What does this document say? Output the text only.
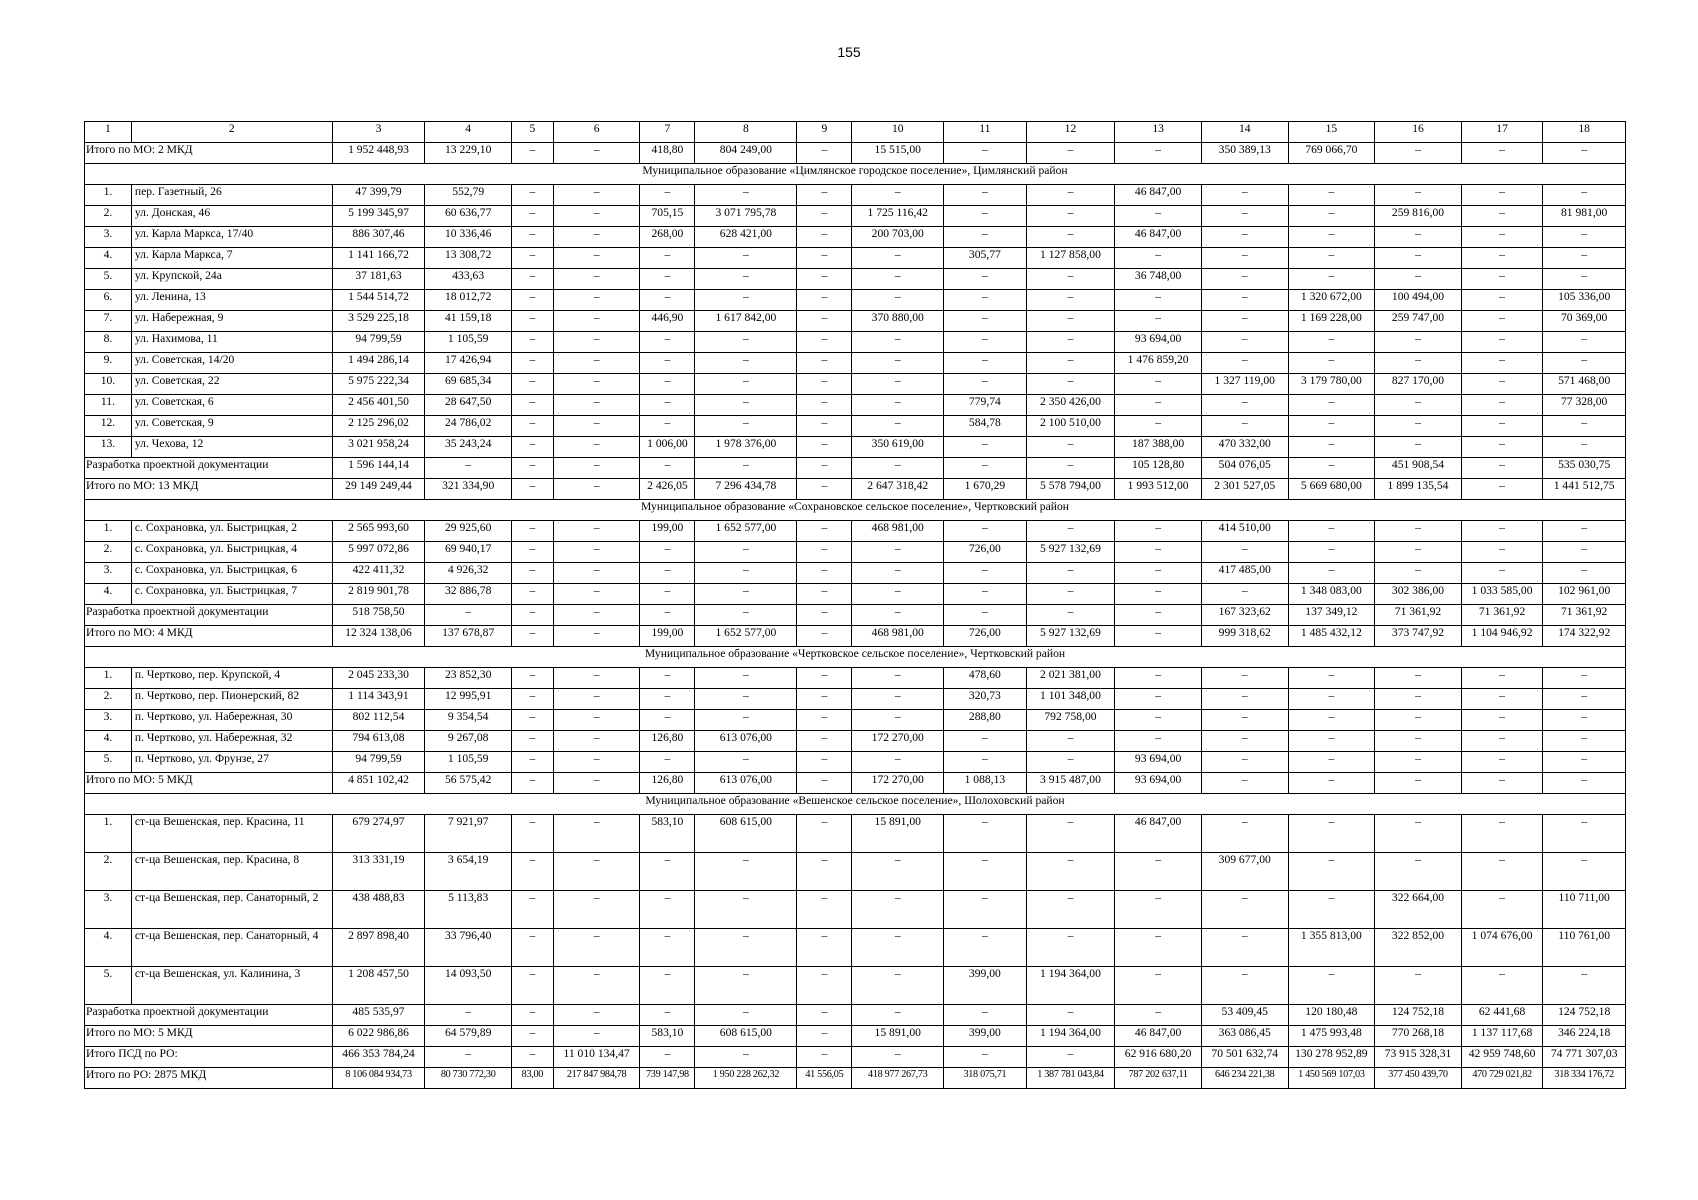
155
1	2	3	4	5	6	7	8	9	10	11	12	13	14	15	16	17	18
Итого по МО: 2 МКД		1 952 448,93	13 229,10	–	–	418,80	804 249,00	–	15 515,00	–	–	–	350 389,13	769 066,70	–	–	–
Муниципальное образование «Цимлянское городское поселение», Цимлянский район																	
1.	пер. Газетный, 26	47 399,79	552,79	–	–	–	–	–	–	–	–	46 847,00	–	–	–	–	–
2.	ул. Донская, 46	5 199 345,97	60 636,77	–	–	705,15	3 071 795,78	–	1 725 116,42	–	–	–	–	–	259 816,00	–	81 981,00
3.	ул. Карла Маркса, 17/40	886 307,46	10 336,46	–	–	268,00	628 421,00	–	200 703,00	–	–	46 847,00	–	–	–	–	–
4.	ул. Карла Маркса, 7	1 141 166,72	13 308,72	–	–	–	–	–	–	305,77	1 127 858,00	–	–	–	–	–	–
5.	ул. Крупской, 24а	37 181,63	433,63	–	–	–	–	–	–	–	–	36 748,00	–	–	–	–	–
6.	ул. Ленина, 13	1 544 514,72	18 012,72	–	–	–	–	–	–	–	–	–	–	1 320 672,00	100 494,00	–	105 336,00
7.	ул. Набережная, 9	3 529 225,18	41 159,18	–	–	446,90	1 617 842,00	–	370 880,00	–	–	–	–	1 169 228,00	259 747,00	–	70 369,00
8.	ул. Нахимова, 11	94 799,59	1 105,59	–	–	–	–	–	–	–	–	93 694,00	–	–	–	–	–
9.	ул. Советская, 14/20	1 494 286,14	17 426,94	–	–	–	–	–	–	–	–	1 476 859,20	–	–	–	–	–
10.	ул. Советская, 22	5 975 222,34	69 685,34	–	–	–	–	–	–	–	–	–	1 327 119,00	3 179 780,00	827 170,00	–	571 468,00
11.	ул. Советская, 6	2 456 401,50	28 647,50	–	–	–	–	–	–	779,74	2 350 426,00	–	–	–	–	–	77 328,00
12.	ул. Советская, 9	2 125 296,02	24 786,02	–	–	–	–	–	–	584,78	2 100 510,00	–	–	–	–	–	–
13.	ул. Чехова, 12	3 021 958,24	35 243,24	–	–	1 006,00	1 978 376,00	–	350 619,00	–	–	187 388,00	470 332,00	–	–	–	–
Разработка проектной документации		1 596 144,14	–	–	–	–	–	–	–	–	–	105 128,80	504 076,05	–	451 908,54	–	535 030,75
Итого по МО: 13 МКД		29 149 249,44	321 334,90	–	–	2 426,05	7 296 434,78	–	2 647 318,42	1 670,29	5 578 794,00	1 993 512,00	2 301 527,05	5 669 680,00	1 899 135,54	–	1 441 512,75
Муниципальное образование «Сохрановское сельское поселение», Чертковский район																	
1.	с. Сохрановка, ул. Быстрицкая, 2	2 565 993,60	29 925,60	–	–	199,00	1 652 577,00	–	468 981,00	–	–	–	414 510,00	–	–	–	–
2.	с. Сохрановка, ул. Быстрицкая, 4	5 997 072,86	69 940,17	–	–	–	–	–	–	726,00	5 927 132,69	–	–	–	–	–	–
3.	с. Сохрановка, ул. Быстрицкая, 6	422 411,32	4 926,32	–	–	–	–	–	–	–	–	–	417 485,00	–	–	–	–
4.	с. Сохрановка, ул. Быстрицкая, 7	2 819 901,78	32 886,78	–	–	–	–	–	–	–	–	–	–	1 348 083,00	302 386,00	1 033 585,00	102 961,00
Разработка проектной документации		518 758,50	–	–	–	–	–	–	–	–	–	–	167 323,62	137 349,12	71 361,92	71 361,92	71 361,92
Итого по МО: 4 МКД		12 324 138,06	137 678,87	–	–	199,00	1 652 577,00	–	468 981,00	726,00	5 927 132,69	–	999 318,62	1 485 432,12	373 747,92	1 104 946,92	174 322,92
Муниципальное образование «Чертковское сельское поселение», Чертковский район																	
1.	п. Чертково, пер. Крупской, 4	2 045 233,30	23 852,30	–	–	–	–	–	–	478,60	2 021 381,00	–	–	–	–	–	–
2.	п. Чертково, пер. Пионерский, 82	1 114 343,91	12 995,91	–	–	–	–	–	–	320,73	1 101 348,00	–	–	–	–	–	–
3.	п. Чертково, ул. Набережная, 30	802 112,54	9 354,54	–	–	–	–	–	–	288,80	792 758,00	–	–	–	–	–	–
4.	п. Чертково, ул. Набережная, 32	794 613,08	9 267,08	–	–	126,80	613 076,00	–	172 270,00	–	–	–	–	–	–	–	–
5.	п. Чертково, ул. Фрунзе, 27	94 799,59	1 105,59	–	–	–	–	–	–	–	–	93 694,00	–	–	–	–	–
Итого по МО: 5 МКД		4 851 102,42	56 575,42	–	–	126,80	613 076,00	–	172 270,00	1 088,13	3 915 487,00	93 694,00	–	–	–	–	–
Муниципальное образование «Вешенское сельское поселение», Шолоховский район																	
1.	ст-ца Вешенская, пер. Красина, 11	679 274,97	7 921,97	–	–	583,10	608 615,00	–	15 891,00	–	–	46 847,00	–	–	–	–	–
2.	ст-ца Вешенская, пер. Красина, 8	313 331,19	3 654,19	–	–	–	–	–	–	–	–	–	309 677,00	–	–	–	–
3.	ст-ца Вешенская, пер. Санаторный, 2	438 488,83	5 113,83	–	–	–	–	–	–	–	–	–	–	–	322 664,00	–	110 711,00
4.	ст-ца Вешенская, пер. Санаторный, 4	2 897 898,40	33 796,40	–	–	–	–	–	–	–	–	–	–	1 355 813,00	322 852,00	1 074 676,00	110 761,00
5.	ст-ца Вешенская, ул. Калинина, 3	1 208 457,50	14 093,50	–	–	–	–	–	–	399,00	1 194 364,00	–	–	–	–	–	–
Разработка проектной документации		485 535,97	–	–	–	–	–	–	–	–	–	–	53 409,45	120 180,48	124 752,18	62 441,68	124 752,18
Итого по МО: 5 МКД		6 022 986,86	64 579,89	–	–	583,10	608 615,00	–	15 891,00	399,00	1 194 364,00	46 847,00	363 086,45	1 475 993,48	770 268,18	1 137 117,68	346 224,18
Итого ПСД по РО:		466 353 784,24	–	–	11 010 134,47	–	–	–	–	–	–	62 916 680,20	70 501 632,74	130 278 952,89	73 915 328,31	42 959 748,60	74 771 307,03
Итого по РО: 2875 МКД		8 106 084 934,73	80 730 772,30	83,00	217 847 984,78	739 147,98	1 950 228 262,32	41 556,05	418 977 267,73	318 075,71	1 387 781 043,84	787 202 637,11	646 234 221,38	1 450 569 107,03	377 450 439,70	470 729 021,82	318 334 176,72
